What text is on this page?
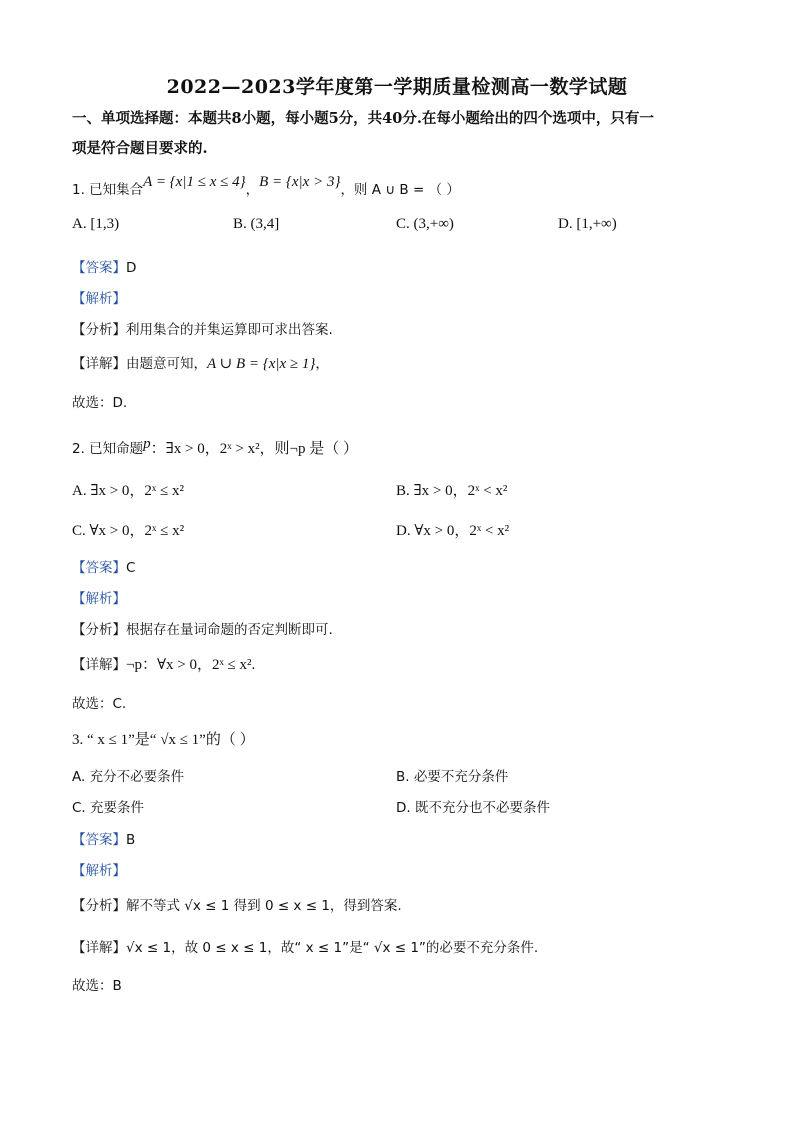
2022—2023学年度第一学期质量检测高一数学试题
一、单项选择题：本题共8小题，每小题5分，共40分.在每小题给出的四个选项中，只有一
项是符合题目要求的.
1. 已知集合A = {x|1 ≤ x ≤ 4}，B = {x|x > 3}，则 A ∪ B = （ ）
A. [1,3)	B. (3,4]	C. (3,+∞)	D. [1,+∞)
【答案】D
【解析】
【分析】利用集合的并集运算即可求出答案.
【详解】由题意可知，A ∪ B = {x|x ≥ 1}，
故选：D.
2. 已知命题p：∃x > 0，2ˣ > x²，则¬p 是（ ）
A. ∃x > 0，2ˣ ≤ x²	B. ∃x > 0，2ˣ < x²
C. ∀x > 0，2ˣ ≤ x²	D. ∀x > 0，2ˣ < x²
【答案】C
【解析】
【分析】根据存在量词命题的否定判断即可.
【详解】¬p：∀x > 0，2ˣ ≤ x².
故选：C.
3. “ x ≤ 1”是“ √x ≤ 1”的（ ）
A. 充分不必要条件	B. 必要不充分条件
C. 充要条件	D. 既不充分也不必要条件
【答案】B
【解析】
【分析】解不等式 √x ≤ 1 得到 0 ≤ x ≤ 1，得到答案.
【详解】√x ≤ 1，故 0 ≤ x ≤ 1，故“ x ≤ 1”是“ √x ≤ 1”的必要不充分条件.
故选：B
